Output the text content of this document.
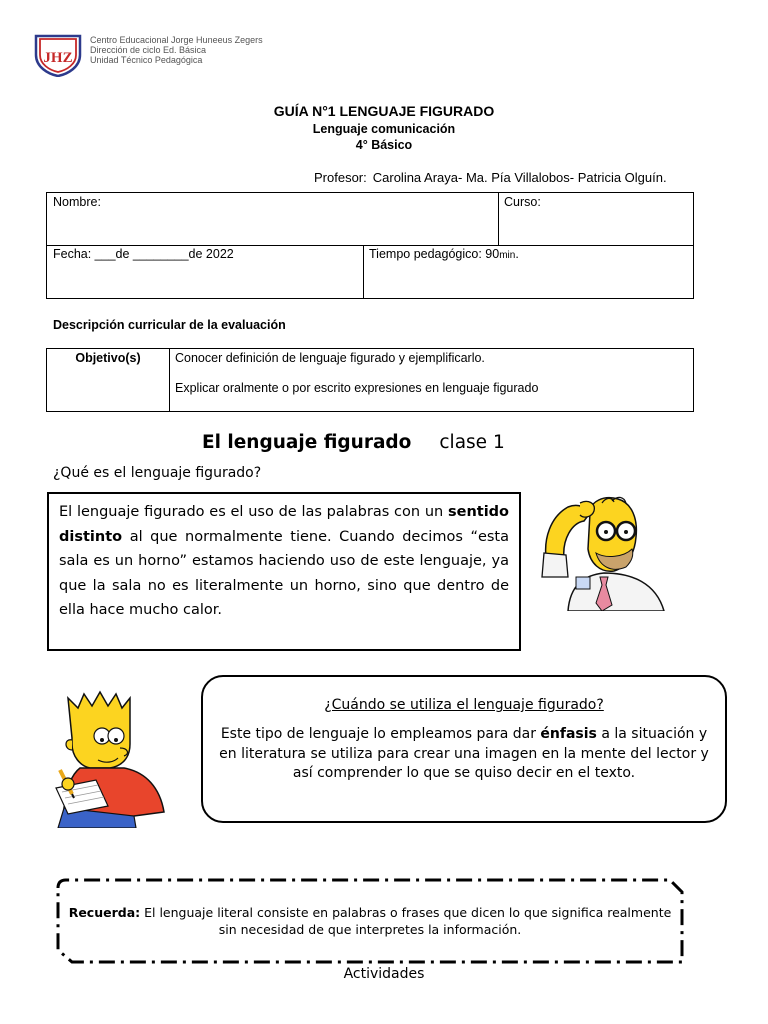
JHZ
Centro Educacional Jorge Huneeus Zegers
Dirección de ciclo Ed. Básica
Unidad Técnico Pedagógica
GUÍA N°1 LENGUAJE FIGURADO
Lenguaje comunicación
4° Básico
Profesor: Carolina Araya- Ma. Pía Villalobos- Patricia Olguín.
Nombre:	Curso:
Fecha: ___de ________de 2022	Tiempo pedagógico: 90min.
Descripción curricular de la evaluación
Objetivo(s)	Conocer definición de lenguaje figurado y ejemplificarlo.
Explicar oralmente o por escrito expresiones en lenguaje figurado
El lenguaje figurado clase 1
¿Qué es el lenguaje figurado?
El lenguaje figurado es el uso de las palabras con un sentido distinto al que normalmente tiene. Cuando decimos “esta sala es un horno” estamos haciendo uso de este lenguaje, ya que la sala no es literalmente un horno, sino que dentro de ella hace mucho calor.
¿Cuándo se utiliza el lenguaje figurado?
Este tipo de lenguaje lo empleamos para dar énfasis a la situación y en literatura se utiliza para crear una imagen en la mente del lector y así comprender lo que se quiso decir en el texto.
Recuerda: El lenguaje literal consiste en palabras o frases que dicen lo que significa realmente sin necesidad de que interpretes la información.
Actividades
